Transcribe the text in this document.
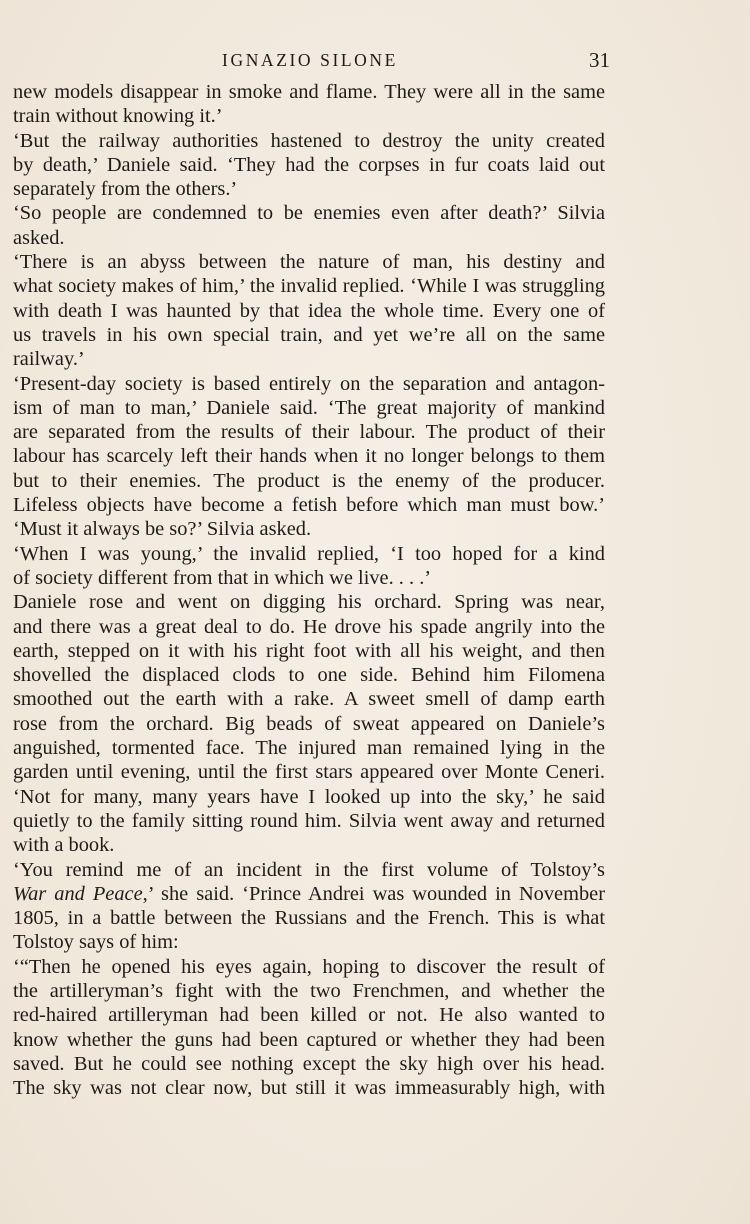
IGNAZIO SILONE	31
new models disappear in smoke and flame. They were all in the same
train without knowing it.’
‘But the railway authorities hastened to destroy the unity created
by death,’ Daniele said. ‘They had the corpses in fur coats laid out
separately from the others.’
‘So people are condemned to be enemies even after death?’ Silvia
asked.
‘There is an abyss between the nature of man, his destiny and
what society makes of him,’ the invalid replied. ‘While I was struggling
with death I was haunted by that idea the whole time. Every one of
us travels in his own special train, and yet we’re all on the same
railway.’
‘Present-day society is based entirely on the separation and antagon-
ism of man to man,’ Daniele said. ‘The great majority of mankind
are separated from the results of their labour. The product of their
labour has scarcely left their hands when it no longer belongs to them
but to their enemies. The product is the enemy of the producer.
Lifeless objects have become a fetish before which man must bow.’
‘Must it always be so?’ Silvia asked.
‘When I was young,’ the invalid replied, ‘I too hoped for a kind
of society different from that in which we live. . . .’
Daniele rose and went on digging his orchard. Spring was near,
and there was a great deal to do. He drove his spade angrily into the
earth, stepped on it with his right foot with all his weight, and then
shovelled the displaced clods to one side. Behind him Filomena
smoothed out the earth with a rake. A sweet smell of damp earth
rose from the orchard. Big beads of sweat appeared on Daniele’s
anguished, tormented face. The injured man remained lying in the
garden until evening, until the first stars appeared over Monte Ceneri.
‘Not for many, many years have I looked up into the sky,’ he said
quietly to the family sitting round him. Silvia went away and returned
with a book.
‘You remind me of an incident in the first volume of Tolstoy’s
War and Peace,’ she said. ‘Prince Andrei was wounded in November
1805, in a battle between the Russians and the French. This is what
Tolstoy says of him:
‘“Then he opened his eyes again, hoping to discover the result of
the artilleryman’s fight with the two Frenchmen, and whether the
red-haired artilleryman had been killed or not. He also wanted to
know whether the guns had been captured or whether they had been
saved. But he could see nothing except the sky high over his head.
The sky was not clear now, but still it was immeasurably high, with
